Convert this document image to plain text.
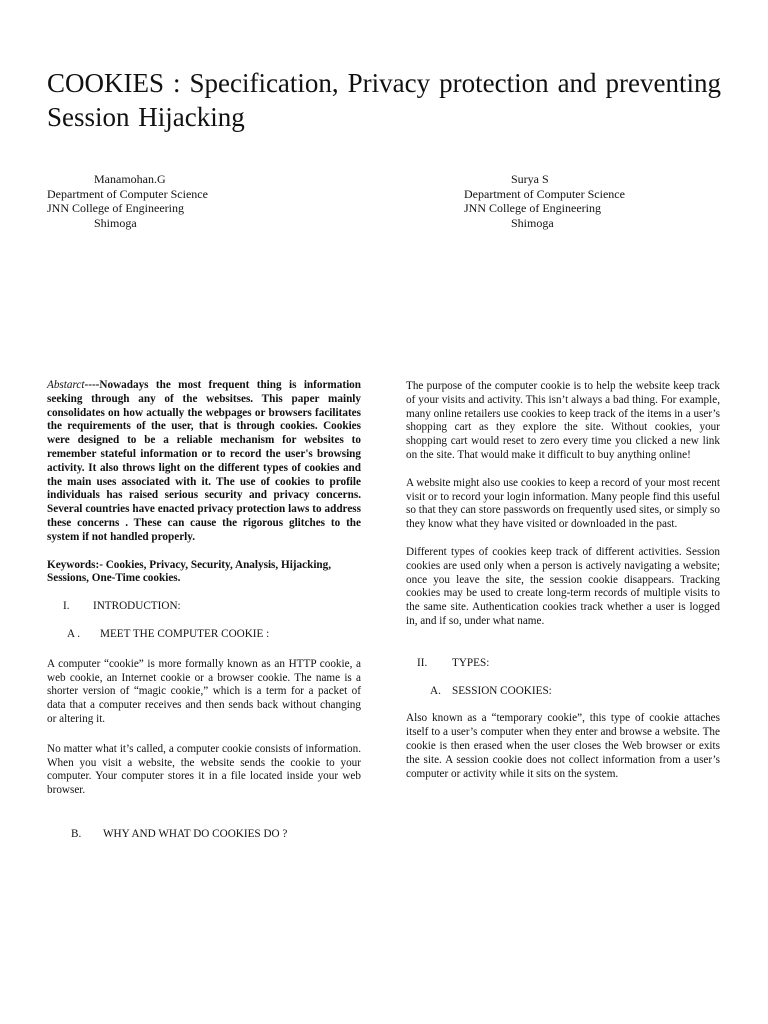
COOKIES : Specification, Privacy protection and preventing Session Hijacking
Manamohan.G
Department of Computer Science
JNN College of Engineering
Shimoga
Surya S
Department of Computer Science
JNN College of Engineering
Shimoga

Abstarct----Nowadays the most frequent thing is information seeking through any of the websitses. This paper mainly consolidates on how actually the webpages or browsers facilitates the requirements of the user, that is through cookies. Cookies were designed to be a reliable mechanism for websites to remember stateful information or to record the user's browsing activity. It also throws light on the different types of cookies and the main uses associated with it. The use of cookies to profile individuals has raised serious security and privacy concerns. Several countries have enacted privacy protection laws to address these concerns . These can cause the rigorous glitches to the system if not handled properly.

Keywords:- Cookies, Privacy, Security, Analysis, Hijacking, Sessions, One-Time cookies.

I. INTRODUCTION:

A . MEET THE COMPUTER COOKIE :

A computer “cookie” is more formally known as an HTTP cookie, a web cookie, an Internet cookie or a browser cookie. The name is a shorter version of “magic cookie,” which is a term for a packet of data that a computer receives and then sends back without changing or altering it.

No matter what it’s called, a computer cookie consists of information. When you visit a website, the website sends the cookie to your computer. Your computer stores it in a file located inside your web browser.

B. WHY AND WHAT DO COOKIES DO ?

The purpose of the computer cookie is to help the website keep track of your visits and activity. This isn’t always a bad thing. For example, many online retailers use cookies to keep track of the items in a user’s shopping cart as they explore the site. Without cookies, your shopping cart would reset to zero every time you clicked a new link on the site. That would make it difficult to buy anything online!

A website might also use cookies to keep a record of your most recent visit or to record your login information. Many people find this useful so that they can store passwords on frequently used sites, or simply so they know what they have visited or downloaded in the past.

Different types of cookies keep track of different activities. Session cookies are used only when a person is actively navigating a website; once you leave the site, the session cookie disappears. Tracking cookies may be used to create long-term records of multiple visits to the same site. Authentication cookies track whether a user is logged in, and if so, under what name.

II. TYPES:

A. SESSION COOKIES:

Also known as a “temporary cookie”, this type of cookie attaches itself to a user’s computer when they enter and browse a website. The cookie is then erased when the user closes the Web browser or exits the site. A session cookie does not collect information from a user’s computer or activity while it sits on the system.
